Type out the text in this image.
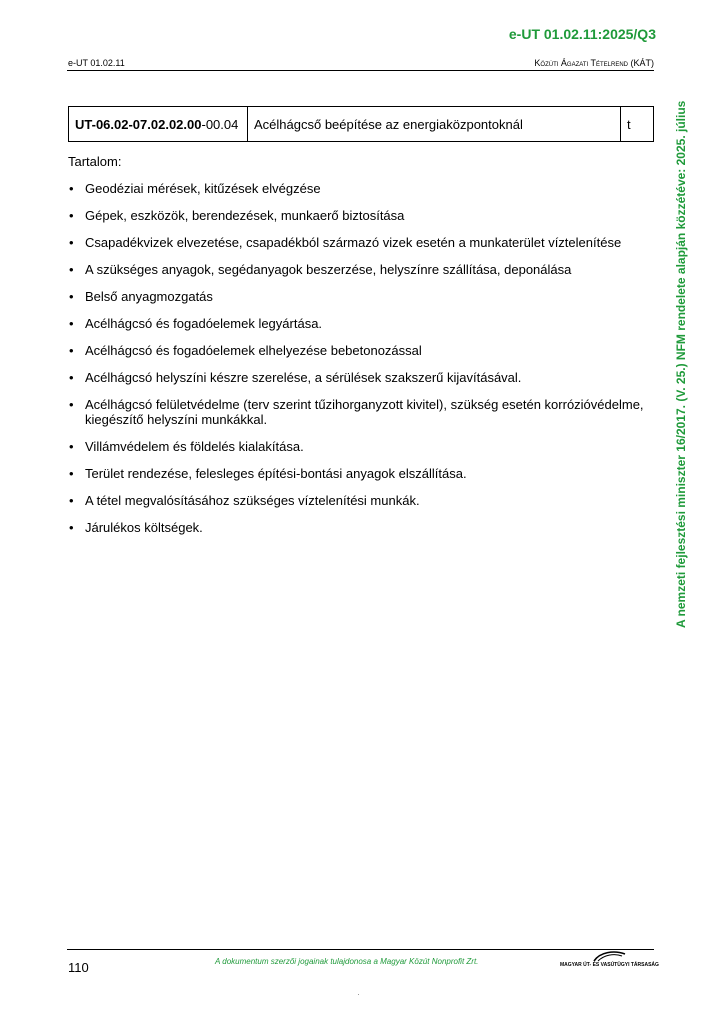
e-UT 01.02.11:2025/Q3
e-UT 01.02.11	Közúti Ágazati Tételrend (KÁT)
UT-06.02-07.02.02.00-00.04	Acélhágcső beépítése az energiaközpontoknál	t
Tartalom:
• Geodéziai mérések, kitűzések elvégzése
• Gépek, eszközök, berendezések, munkaerő biztosítása
• Csapadékvizek elvezetése, csapadékból származó vizek esetén a munkaterület víztelenítése
• A szükséges anyagok, segédanyagok beszerzése, helyszínre szállítása, deponálása
• Belső anyagmozgatás
• Acélhágcsó és fogadóelemek legyártása.
• Acélhágcsó és fogadóelemek elhelyezése bebetonozással
• Acélhágcsó helyszíni készre szerelése, a sérülések szakszerű kijavításával.
• Acélhágcsó felületvédelme (terv szerint tűzihorganyzott kivitel), szükség esetén korrózióvédelme, kiegészítő helyszíni munkákkal.
• Villámvédelem és földelés kialakítása.
• Terület rendezése, felesleges építési-bontási anyagok elszállítása.
• A tétel megvalósításához szükséges víztelenítési munkák.
• Járulékos költségek.	A nemzeti fejlesztési miniszter 16/2017. (V. 25.) NFM rendelete alapján közzétéve: 2025. július
110	A dokumentum szerzői jogainak tulajdonosa a Magyar Közút Nonprofit Zrt.	MAGYAR ÚT- ÉS VASÚTÜGYI TÁRSASÁG
